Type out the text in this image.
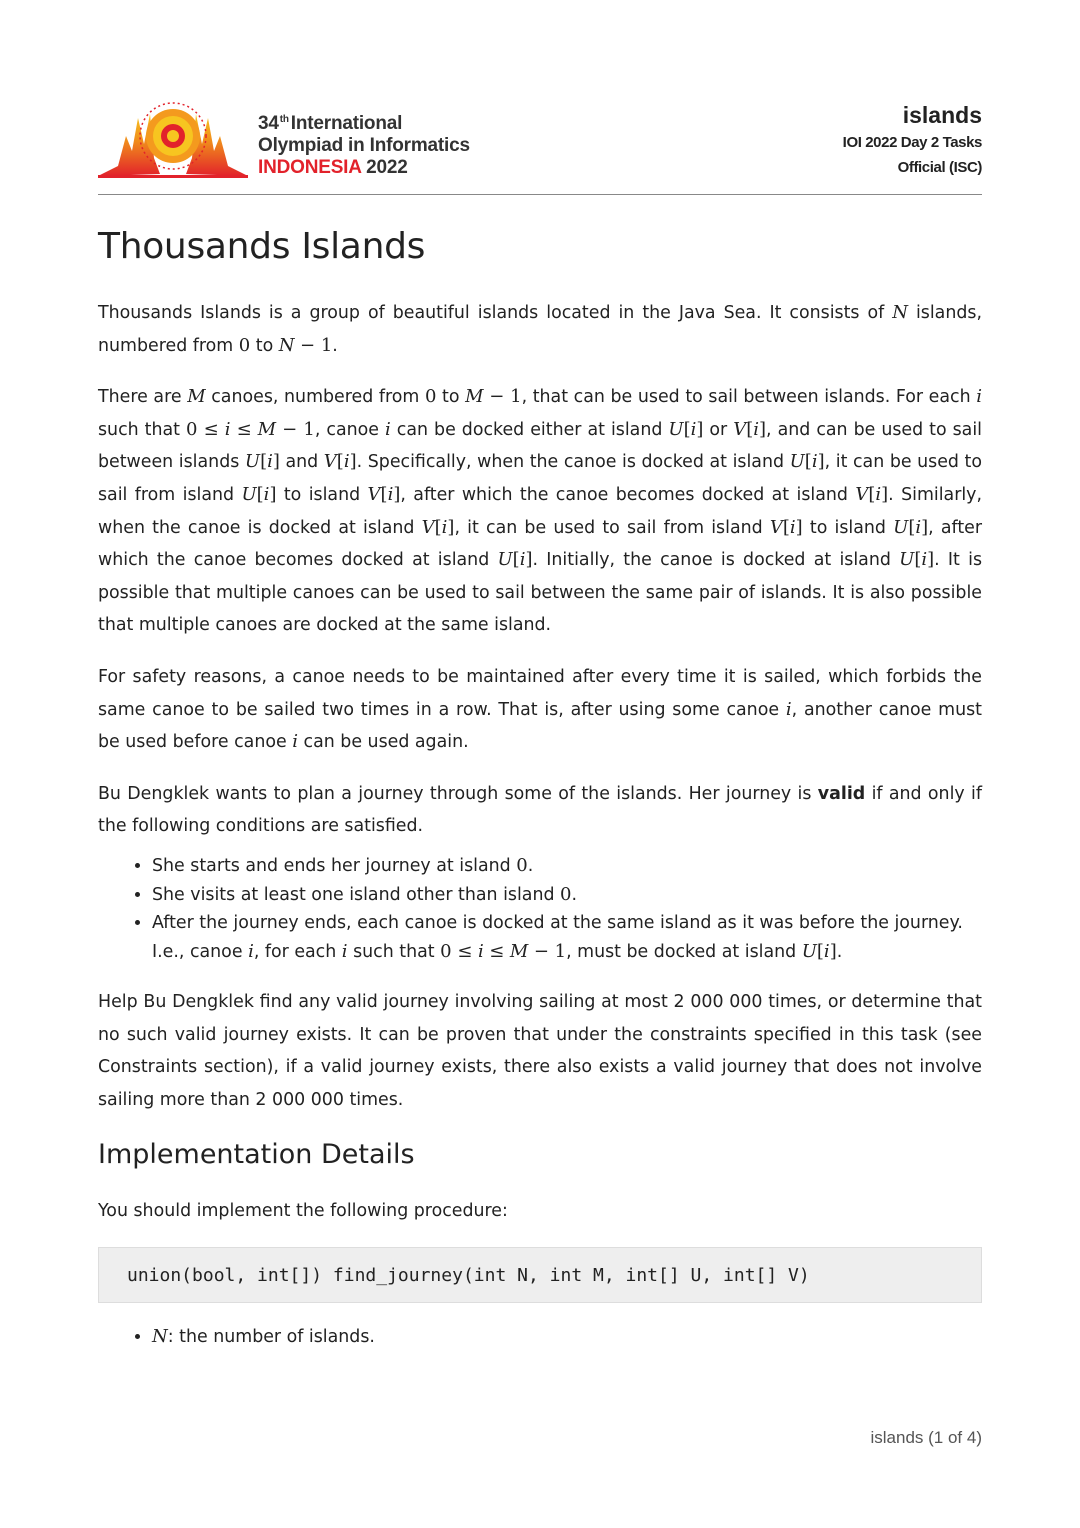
34th International
Olympiad in Informatics
INDONESIA 2022
islands
IOI 2022 Day 2 Tasks
Official (ISC)
Thousands Islands

Thousands Islands is a group of beautiful islands located in the Java Sea. It consists of N islands, numbered from 0 to N − 1.

There are M canoes, numbered from 0 to M − 1, that can be used to sail between islands. For each i such that 0 ≤ i ≤ M − 1, canoe i can be docked either at island U[i] or V[i], and can be used to sail between islands U[i] and V[i]. Specifically, when the canoe is docked at island U[i], it can be used to sail from island U[i] to island V[i], after which the canoe becomes docked at island V[i]. Similarly, when the canoe is docked at island V[i], it can be used to sail from island V[i] to island U[i], after which the canoe becomes docked at island U[i]. Initially, the canoe is docked at island U[i]. It is possible that multiple canoes can be used to sail between the same pair of islands. It is also possible that multiple canoes are docked at the same island.

For safety reasons, a canoe needs to be maintained after every time it is sailed, which forbids the same canoe to be sailed two times in a row. That is, after using some canoe i, another canoe must be used before canoe i can be used again.

Bu Dengklek wants to plan a journey through some of the islands. Her journey is valid if and only if the following conditions are satisfied.

• She starts and ends her journey at island 0.
• She visits at least one island other than island 0.
• After the journey ends, each canoe is docked at the same island as it was before the journey. I.e., canoe i, for each i such that 0 ≤ i ≤ M − 1, must be docked at island U[i].

Help Bu Dengklek find any valid journey involving sailing at most 2 000 000 times, or determine that no such valid journey exists. It can be proven that under the constraints specified in this task (see Constraints section), if a valid journey exists, there also exists a valid journey that does not involve sailing more than 2 000 000 times.

Implementation Details

You should implement the following procedure:

union(bool, int[]) find_journey(int N, int M, int[] U, int[] V)
• N: the number of islands.
islands (1 of 4)
